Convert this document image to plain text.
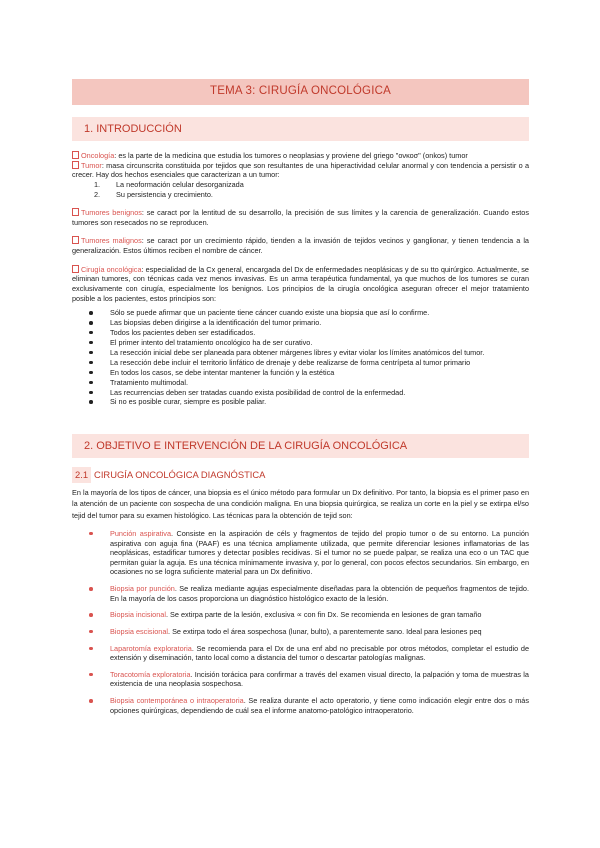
TEMA 3: CIRUGÍA ONCOLÓGICA
1. INTRODUCCIÓN

Oncología: es la parte de la medicina que estudia los tumores o neoplasias y proviene del griego "ονκοσ" (onkos) tumor

Tumor: masa circunscrita constituida por tejidos que son resultantes de una hiperactividad celular anormal y con tendencia a persistir o a crecer. Hay dos hechos esenciales que caracterizan a un tumor:

1. La neoformación celular desorganizada
2. Su persistencia y crecimiento.

Tumores benignos: se caract por la lentitud de su desarrollo, la precisión de sus límites y la carencia de generalización. Cuando estos tumores son resecados no se reproducen.

Tumores malignos: se caract por un crecimiento rápido, tienden a la invasión de tejidos vecinos y ganglionar, y tienen tendencia a la generalización. Estos últimos reciben el nombre de cáncer.

Cirugía oncológica: especialidad de la Cx general, encargada del Dx de enfermedades neoplásicas y de su tto quirúrgico. Actualmente, se eliminan tumores, con técnicas cada vez menos invasivas. Es un arma terapéutica fundamental, ya que muchos de los tumores se curan exclusivamente con cirugía, especialmente los benignos. Los principios de la cirugía oncológica aseguran ofrecer el mejor tratamiento posible a los pacientes, estos principios son:

Sólo se puede afirmar que un paciente tiene cáncer cuando existe una biopsia que así lo confirme.
Las biopsias deben dirigirse a la identificación del tumor primario.
Todos los pacientes deben ser estadificados.
El primer intento del tratamiento oncológico ha de ser curativo.
La resección inicial debe ser planeada para obtener márgenes libres y evitar violar los límites anatómicos del tumor.
La resección debe incluir el territorio linfático de drenaje y debe realizarse de forma centrípeta al tumor primario
En todos los casos, se debe intentar mantener la función y la estética
Tratamiento multimodal.
Las recurrencias deben ser tratadas cuando exista posibilidad de control de la enfermedad.
Si no es posible curar, siempre es posible paliar.
2. OBJETIVO E INTERVENCIÓN DE LA CIRUGÍA ONCOLÓGICA
2.1 CIRUGÍA ONCOLÓGICA DIAGNÓSTICA

En la mayoría de los tipos de cáncer, una biopsia es el único método para formular un Dx definitivo. Por tanto, la biopsia es el primer paso en la atención de un paciente con sospecha de una condición maligna. En una biopsia quirúrgica, se realiza un corte en la piel y se extirpa el/so tejid del tumor para su examen histológico. Las técnicas para la obtención de tejid son:

Punción aspirativa. Consiste en la aspiración de céls y fragmentos de tejido del propio tumor o de su entorno. La punción aspirativa con aguja fina (PAAF) es una técnica ampliamente utilizada, que permite diferenciar lesiones inflamatorias de las neoplásicas, estadificar tumores y detectar posibles recidivas. Si el tumor no se puede palpar, se realiza una eco o un TAC que permitan guiar la aguja. Es una técnica mínimamente invasiva y, por lo general, con pocos efectos secundarios. Sin embargo, en ocasiones no se logra suficiente material para un Dx definitivo.
Biopsia por punción. Se realiza mediante agujas especialmente diseñadas para la obtención de pequeños fragmentos de tejido. En la mayoría de los casos proporciona un diagnóstico histológico exacto de la lesión.
Biopsia incisional. Se extirpa parte de la lesión, exclusiva ∝ con fin Dx. Se recomienda en lesiones de gran tamaño
Biopsia escisional. Se extirpa todo el área sospechosa (lunar, bulto), a parentemente sano. Ideal para lesiones peq
Laparotomía exploratoria. Se recomienda para el Dx de una enf abd no precisable por otros métodos, completar el estudio de extensión y diseminación, tanto local como a distancia del tumor o descartar patologías malignas.
Toracotomía exploratoria. Incisión torácica para confirmar a través del examen visual directo, la palpación y toma de muestras la existencia de una neoplasia sospechosa.
Biopsia contemporánea o intraoperatoria. Se realiza durante el acto operatorio, y tiene como indicación elegir entre dos o más opciones quirúrgicas, dependiendo de cuál sea el informe anatomo-patológico intraoperatorio.
